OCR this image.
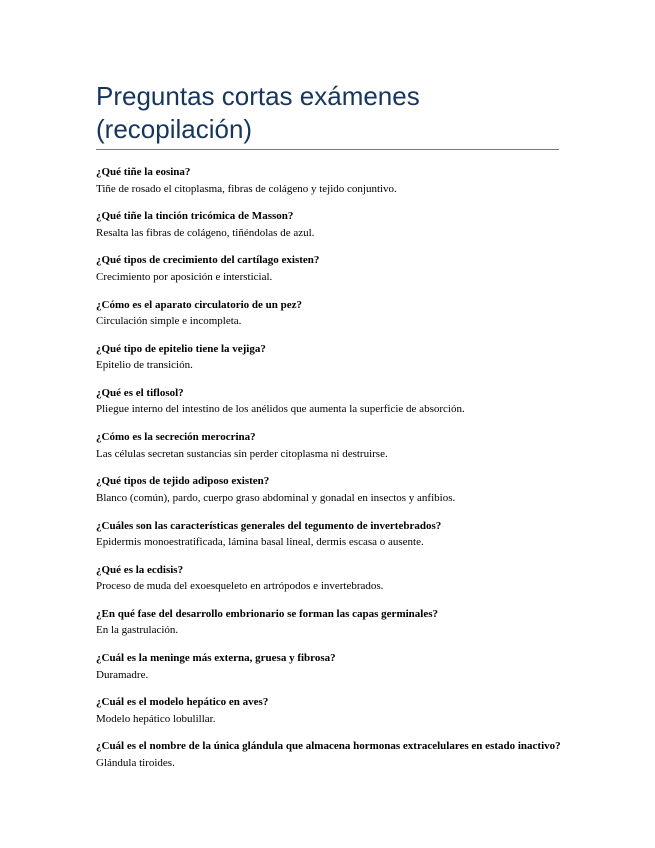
Preguntas cortas exámenes (recopilación)
¿Qué tiñe la eosina?
Tiñe de rosado el citoplasma, fibras de colágeno y tejido conjuntivo.
¿Qué tiñe la tinción tricómica de Masson?
Resalta las fibras de colágeno, tiñéndolas de azul.
¿Qué tipos de crecimiento del cartílago existen?
Crecimiento por aposición e intersticial.
¿Cómo es el aparato circulatorio de un pez?
Circulación simple e incompleta.
¿Qué tipo de epitelio tiene la vejiga?
Epitelio de transición.
¿Qué es el tiflosol?
Pliegue interno del intestino de los anélidos que aumenta la superficie de absorción.
¿Cómo es la secreción merocrina?
Las células secretan sustancias sin perder citoplasma ni destruirse.
¿Qué tipos de tejido adiposo existen?
Blanco (común), pardo, cuerpo graso abdominal y gonadal en insectos y anfibios.
¿Cuáles son las características generales del tegumento de invertebrados?
Epidermis monoestratificada, lámina basal lineal, dermis escasa o ausente.
¿Qué es la ecdisis?
Proceso de muda del exoesqueleto en artrópodos e invertebrados.
¿En qué fase del desarrollo embrionario se forman las capas germinales?
En la gastrulación.
¿Cuál es la meninge más externa, gruesa y fibrosa?
Duramadre.
¿Cuál es el modelo hepático en aves?
Modelo hepático lobulillar.
¿Cuál es el nombre de la única glándula que almacena hormonas extracelulares en estado inactivo?
Glándula tiroides.
